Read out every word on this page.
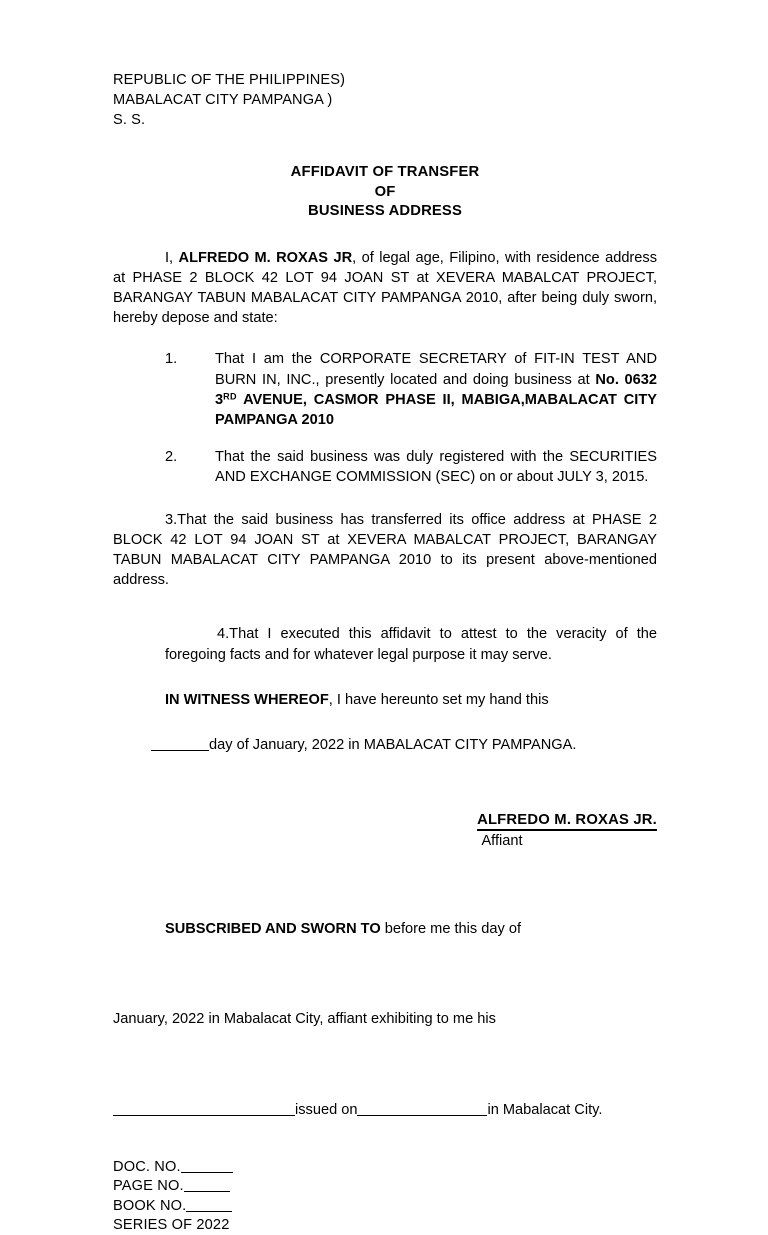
REPUBLIC OF THE PHILIPPINES)
MABALACAT CITY PAMPANGA )
S. S.
AFFIDAVIT OF TRANSFER
OF
BUSINESS ADDRESS
I, ALFREDO M. ROXAS JR, of legal age, Filipino, with residence address at PHASE 2 BLOCK 42 LOT 94 JOAN ST at XEVERA MABALCAT PROJECT, BARANGAY TABUN MABALACAT CITY PAMPANGA 2010, after being duly sworn, hereby depose and state:
1.	That I am the CORPORATE SECRETARY of FIT-IN TEST AND BURN IN, INC., presently located and doing business at No. 0632 3RD AVENUE, CASMOR PHASE II, MABIGA,MABALACAT CITY PAMPANGA 2010
2.	That the said business was duly registered with the SECURITIES AND EXCHANGE COMMISSION (SEC) on or about JULY 3, 2015.
3.That the said business has transferred its office address at PHASE 2 BLOCK 42 LOT 94 JOAN ST at XEVERA MABALCAT PROJECT, BARANGAY TABUN MABALACAT CITY PAMPANGA 2010 to its present above-mentioned address.
4.That I executed this affidavit to attest to the veracity of the foregoing facts and for whatever legal purpose it may serve.
IN WITNESS WHEREOF, I have hereunto set my hand this
day of January, 2022 in MABALACAT CITY PAMPANGA.
ALFREDO M. ROXAS JR.
Affiant
SUBSCRIBED AND SWORN TO before me this day of
January, 2022 in Mabalacat City, affiant exhibiting to me his
issued on	in Mabalacat City.
DOC. NO.
PAGE NO.
BOOK NO.
SERIES OF 2022
